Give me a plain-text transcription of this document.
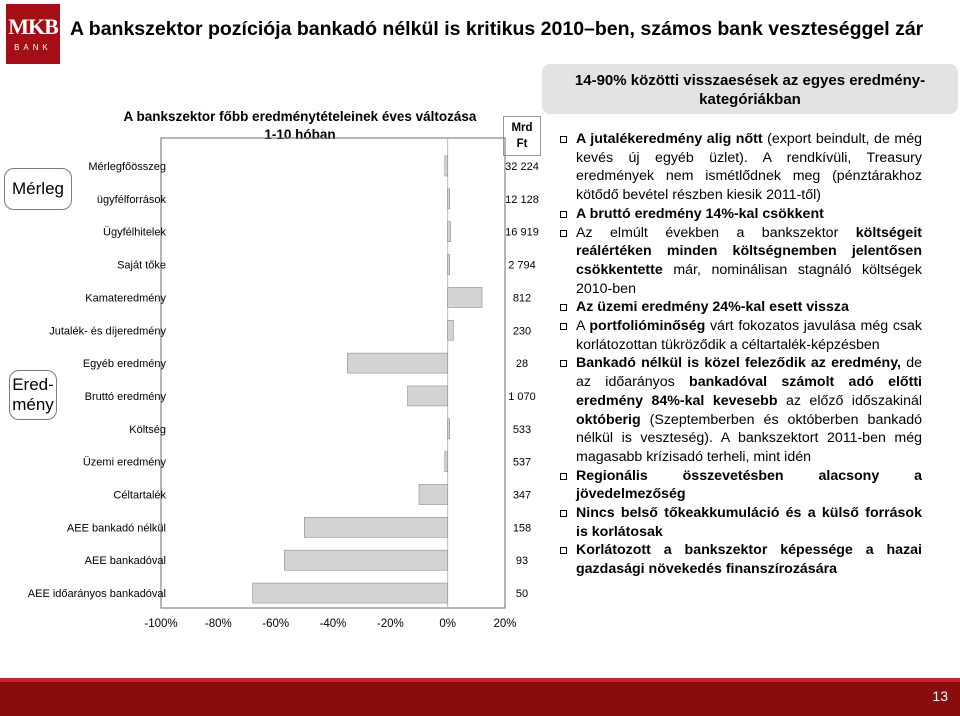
MKB
BANK
A bankszektor pozíciója bankadó nélkül is kritikus 2010–ben, számos bank veszteséggel zár
Mérleg
Ered-
mény
A bankszektor főbb eredménytételeinek éves változása
1-10 hóban	Mrd
Ft
Mérlegfőösszeg	32 224
ügyfélforrások	12 128
Ügyfélhitelek	16 919
Saját tőke	2 794
Kamateredmény	812
Jutalék- és díjeredmény	230
Egyéb eredmény	28
Bruttó eredmény	1 070
Költség	533
Üzemi eredmény	537
Céltartalék	347
AEE bankadó nélkül	158
AEE bankadóval	93
AEE időarányos bankadóval	50
-100% -80%	-60%	-40%	-20%	0%	20%
14-90% közötti visszaesések az egyes eredmény-kategóriákban
A jutalékeredmény alig nőtt (export beindult, de még kevés új egyéb üzlet). A rendkívüli, Treasury eredmények nem ismétlődnek meg (pénztárakhoz kötődő bevétel részben kiesik 2011-től)
A bruttó eredmény 14%-kal csökkent
Az elmúlt években a bankszektor költségeit reálértéken minden költségnemben jelentősen csökkentette már, nominálisan stagnáló költségek 2010-ben
Az üzemi eredmény 24%-kal esett vissza
A portfolióminőség várt fokozatos javulása még csak korlátozottan tükröződik a céltartalék-képzésben
Bankadó nélkül is közel feleződik az eredmény, de az időarányos bankadóval számolt adó előtti eredmény 84%-kal kevesebb az előző időszakinál októberig (Szeptemberben és októberben bankadó nélkül is veszteség). A bankszektort 2011-ben még magasabb krízisadó terheli, mint idén
Regionális összevetésben alacsony a jövedelmezőség
Nincs belső tőkeakkumuláció és a külső források is korlátosak
Korlátozott a bankszektor képessége a hazai gazdasági növekedés finanszírozására
13
